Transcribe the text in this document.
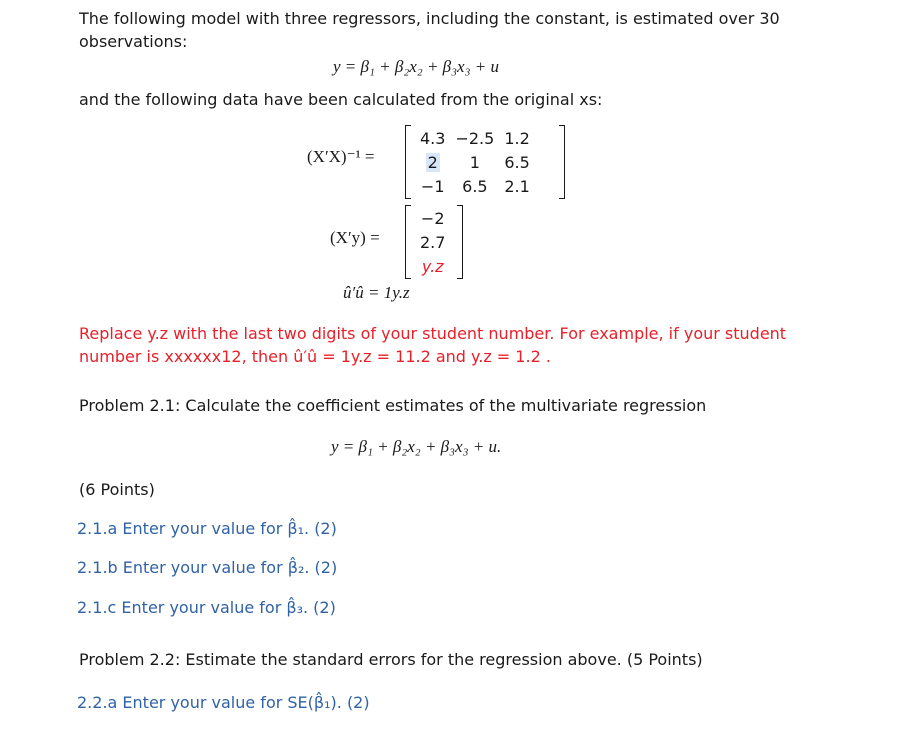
The following model with three regressors, including the constant, is estimated over 30
observations:
y = β₁ + β₂x₂ + β₃x₃ + u
and the following data have been calculated from the original xs:
(X′X)⁻¹ =
4.3	−2.5	1.2
2	1	6.5
−1	6.5	2.1
(X′y) =
−2
2.7
y.z
û′û = 1y.z
Replace y.z with the last two digits of your student number. For example, if your student
number is xxxxxx12, then û′û = 1y.z = 11.2 and y.z = 1.2 .
Problem 2.1: Calculate the coefficient estimates of the multivariate regression
y = β₁ + β₂x₂ + β₃x₃ + u.
(6 Points)
2.1.a Enter your value for β̂₁. (2)
2.1.b Enter your value for β̂₂. (2)
2.1.c Enter your value for β̂₃. (2)
Problem 2.2: Estimate the standard errors for the regression above. (5 Points)
2.2.a Enter your value for SE(β̂₁). (2)
